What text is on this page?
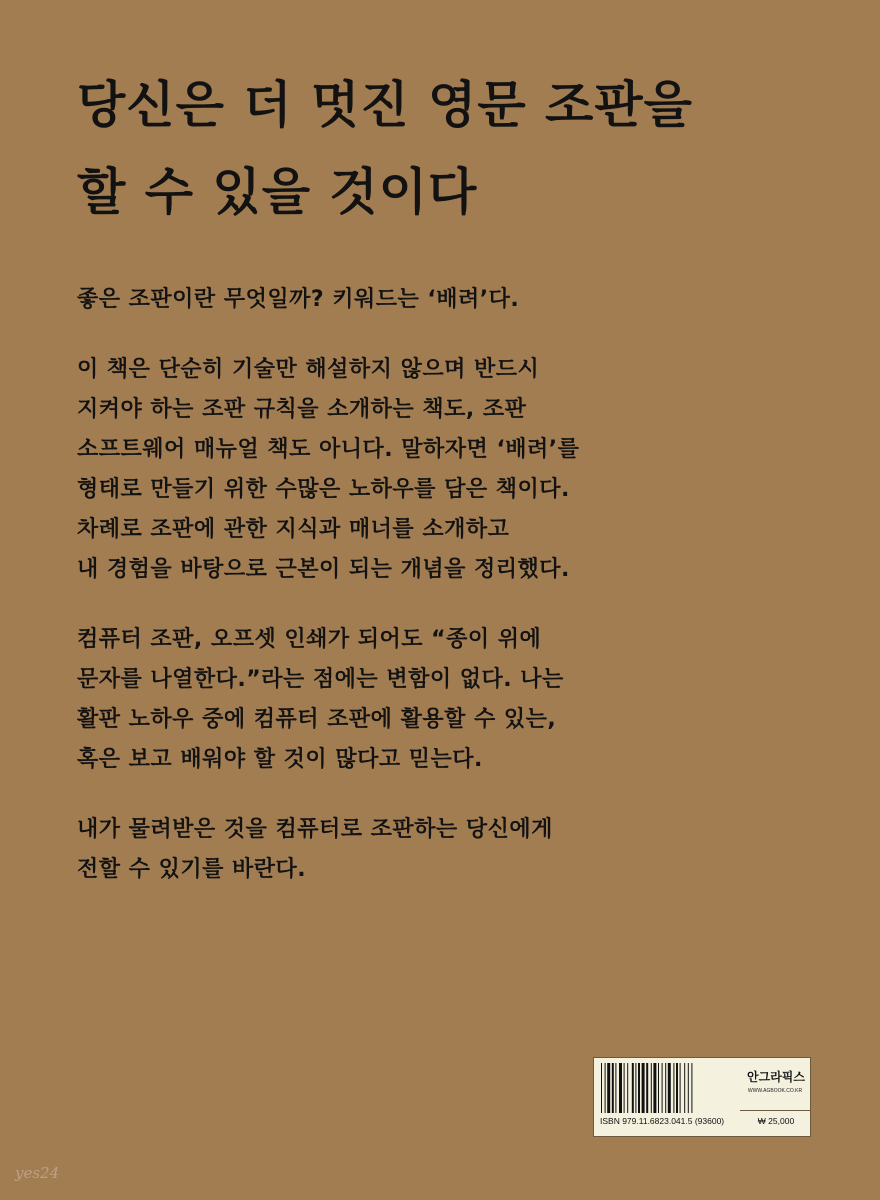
당신은 더 멋진 영문 조판을
할 수 있을 것이다

좋은 조판이란 무엇일까? 키워드는 ‘배려’다.

이 책은 단순히 기술만 해설하지 않으며 반드시
지켜야 하는 조판 규칙을 소개하는 책도, 조판
소프트웨어 매뉴얼 책도 아니다. 말하자면 ‘배려’를
형태로 만들기 위한 수많은 노하우를 담은 책이다.
차례로 조판에 관한 지식과 매너를 소개하고
내 경험을 바탕으로 근본이 되는 개념을 정리했다.

컴퓨터 조판, 오프셋 인쇄가 되어도 “종이 위에
문자를 나열한다.”라는 점에는 변함이 없다. 나는
활판 노하우 중에 컴퓨터 조판에 활용할 수 있는,
혹은 보고 배워야 할 것이 많다고 믿는다.

내가 물려받은 것을 컴퓨터로 조판하는 당신에게
전할 수 있기를 바란다.

ISBN 979.11.6823.041.5 (93600)
안그라픽스
WWW.AGBOOK.CO.KR
₩ 25,000
yes24
